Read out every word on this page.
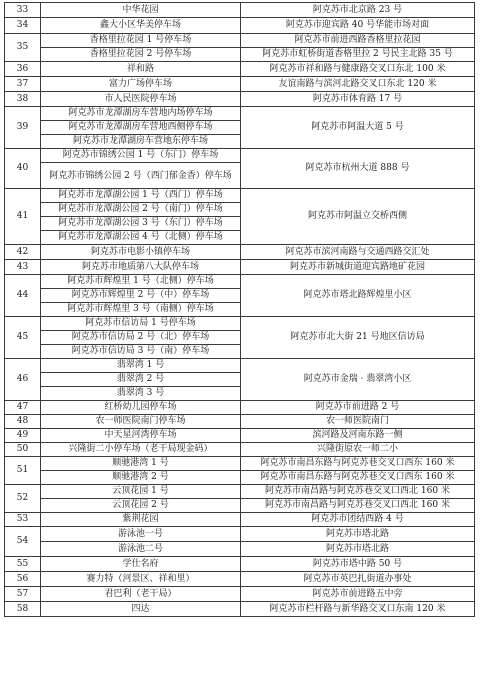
33	中华花园	阿克苏市北京路 23 号
34	鑫大小区华美停车场	阿克苏市迎宾路 40 号华能市场对面
35	香格里拉花园 1 号停车场	阿克苏市前进西路香格里拉花园
	香格里拉花园 2 号停车场	阿克苏市虹桥街道香格里拉 2 号民主北路 35 号
36	祥和路	阿克苏市祥和路与健康路交叉口东北 100 米
37	富力广场停车场	友谊南路与滨河北路交叉口东北 120 米
38	市人民医院停车场	阿克苏市体育路 17 号
39	阿克苏市龙潭湖房车营地内场停车场	阿克苏市阿温大道 5 号
	阿克苏市龙潭湖房车营地西侧停车场	
	阿克苏市龙潭湖房车营地东停车场	
40	阿克苏市锦绣公园 1 号（东门）停车场	阿克苏市杭州大道 888 号
	阿克苏市锦绣公园 2 号（西门郁金香）停车场	
41	阿克苏市龙潭湖公园 1 号（西门）停车场	阿克苏市阿温立交桥西侧
	阿克苏市龙潭湖公园 2 号（南门）停车场	
	阿克苏市龙潭湖公园 3 号（东门）停车场	
	阿克苏市龙潭湖公园 4 号（北侧）停车场	
42	阿克苏市电影小镇停车场	阿克苏市滨河南路与交通西路交汇处
43	阿克苏市地质第八大队停车场	阿克苏市新城街道迎宾路地矿花园
44	阿克苏市辉煌里 1 号（北侧）停车场	阿克苏市塔北路辉煌里小区
	阿克苏市辉煌里 2 号（中）停车场	
	阿克苏市辉煌里 3 号（南侧）停车场	
45	阿克苏市信访局 1 号停车场	阿克苏市北大街 21 号地区信访局
	阿克苏市信访局 2 号（北）停车场	
	阿克苏市信访局 3 号（南）停车场	
46	翡翠湾 1 号	阿克苏市金瑞 · 翡翠湾小区
	翡翠湾 2 号	
	翡翠湾 3 号	
47	红桥幼儿园停车场	阿克苏市前进路 2 号
48	农一师医院南门停车场	农一师医院南门
49	中天星河湾停车场	滨河路及河南东路一侧
50	兴隆街二小停车场（老干局现金码）	兴隆街原农一师二小
51	顺驰港湾 1 号	阿克苏市南昌东路与阿克苏巷交叉口西东 160 米
	顺驰港湾 2 号	阿克苏市南昌东路与阿克苏巷交叉口西东 160 米
52	云顶花园 1 号	阿克苏市南昌路与阿克苏巷交叉口西北 160 米
	云顶花园 2 号	阿克苏市南昌路与阿克苏巷交叉口西北 160 米
53	紫荆花园	阿克苏市团结西路 4 号
54	游泳池一号	阿克苏市塔北路
	游泳池二号	阿克苏市塔北路
55	学仕名府	阿克苏市塔中路 50 号
56	赛力特（河景区、祥和里）	阿克苏市英巴扎街道办事处
57	君巴利（老干局）	阿克苏市前进路五中旁
58	四达	阿克苏市栏杆路与新华路交叉口东南 120 米
